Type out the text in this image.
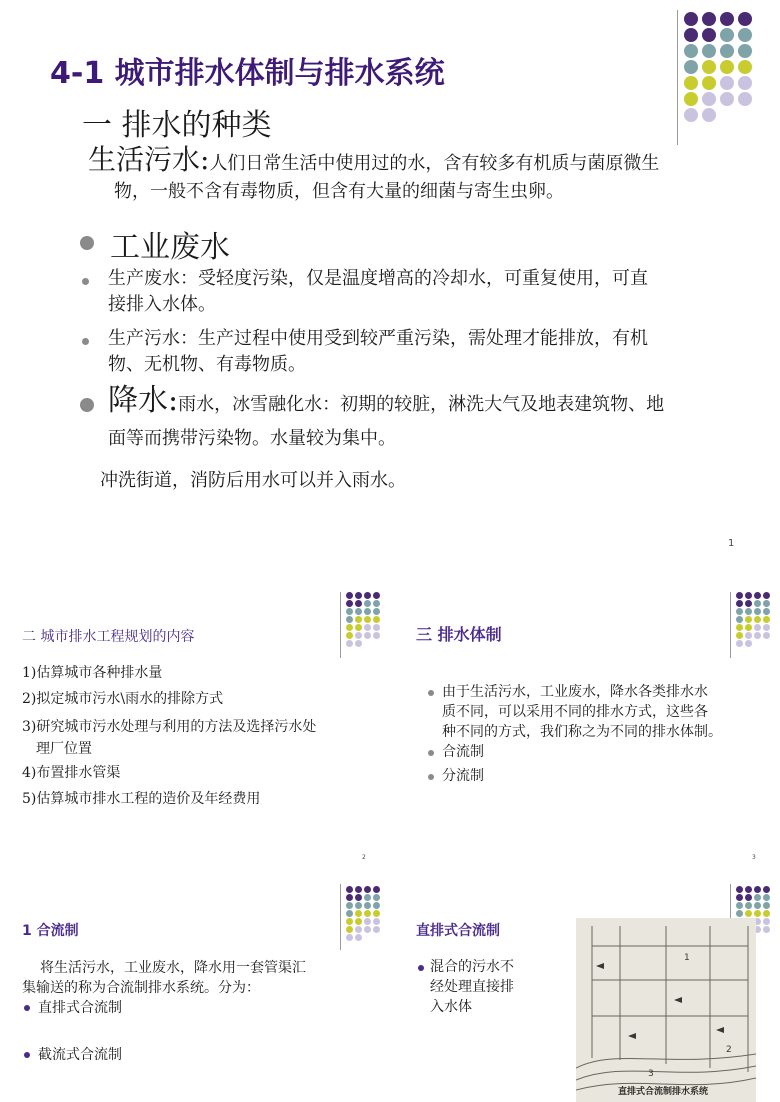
4-1 城市排水体制与排水系统
一 排水的种类
生活污水:人们日常生活中使用过的水，含有较多有机质与菌原微生
物，一般不含有毒物质，但含有大量的细菌与寄生虫卵。
工业废水
生产废水：受轻度污染，仅是温度增高的冷却水，可重复使用，可直
接排入水体。
生产污水：生产过程中使用受到较严重污染，需处理才能排放，有机
物、无机物、有毒物质。
降水:雨水，冰雪融化水：初期的较脏，淋洗大气及地表建筑物、地
面等而携带污染物。水量较为集中。
冲洗街道，消防后用水可以并入雨水。
1
二 城市排水工程规划的内容
1)估算城市各种排水量
2)拟定城市污水\雨水的排除方式
3)研究城市污水处理与利用的方法及选择污水处
理厂位置
4)布置排水管渠
5)估算城市排水工程的造价及年经费用
2
三 排水体制
由于生活污水，工业废水，降水各类排水水
质不同，可以采用不同的排水方式，这些各
种不同的方式，我们称之为不同的排水体制。
合流制
分流制
3
1 合流制
将生活污水，工业废水，降水用一套管渠汇
集输送的称为合流制排水系统。分为：
直排式合流制
截流式合流制
直排式合流制
混合的污水不
经处理直接排
入水体
1
2
3
直排式合流制排水系统
